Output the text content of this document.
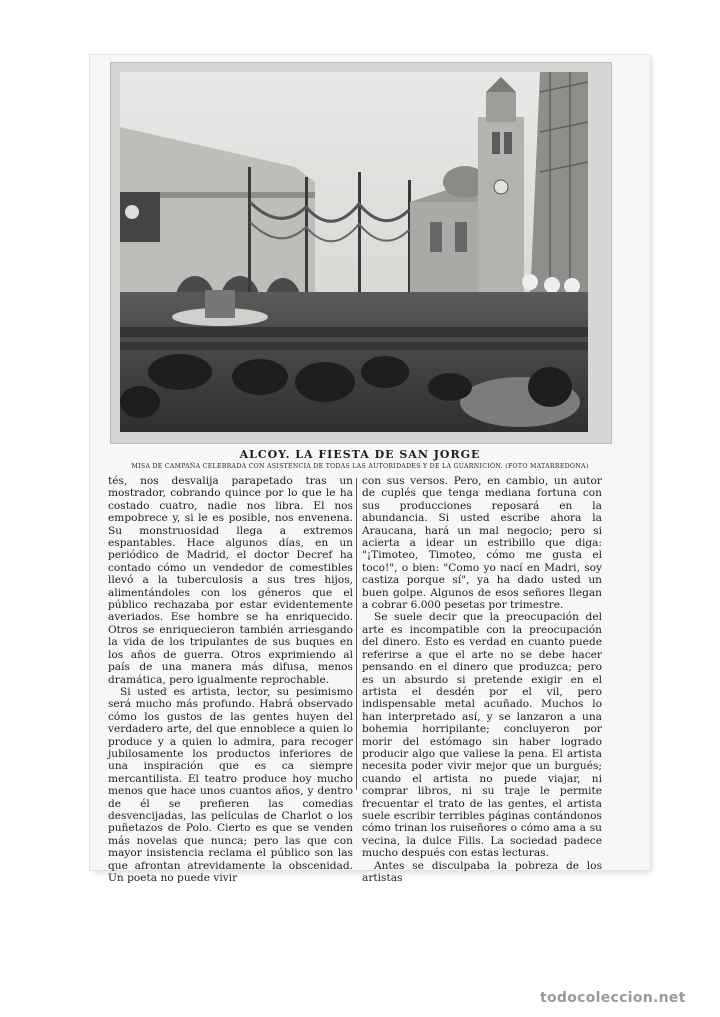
ALCOY. LA FIESTA DE SAN JORGE
MISA DE CAMPAÑA CELEBRADA CON ASISTENCIA DE TODAS LAS AUTORIDADES Y DE LA GUARNICIÓN. (FOTO MATARREDONA)

tés, nos desvalija parapetado tras un mostrador, cobrando quince por lo que le ha costado cuatro, nadie nos libra. El nos empobrece y, si le es posible, nos envenena. Su monstruosidad llega a extremos espantables. Hace algunos días, en un periódico de Madrid, el doctor Decref ha contado cómo un vendedor de comestibles llevó a la tuberculosis a sus tres hijos, alimentándoles con los géneros que el público rechazaba por estar evidentemente averiados. Ese hombre se ha enriquecido. Otros se enriquecieron también arriesgando la vida de los tripulantes de sus buques en los años de guerra. Otros exprimiendo al país de una manera más difusa, menos dramática, pero igualmente reprochable.

Si usted es artista, lector, su pesimismo será mucho más profundo. Habrá observado cómo los gustos de las gentes huyen del verdadero arte, del que ennoblece a quien lo produce y a quien lo admira, para recoger jubilosamente los productos inferiores de una inspiración que es ca siempre mercantilista. El teatro produce hoy mucho menos que hace unos cuantos años, y dentro de él se prefieren las comedias desvencijadas, las películas de Charlot o los puñetazos de Polo. Cierto es que se venden más novelas que nunca; pero las que con mayor insistencia reclama el público son las que afrontan atrevidamente la obscenidad. Un poeta no puede vivir

con sus versos. Pero, en cambio, un autor de cuplés que tenga mediana fortuna con sus producciones reposará en la abundancia. Si usted escribe ahora la Araucana, hará un mal negocio; pero si acierta a idear un estribillo que diga: "¡Timoteo, Timoteo, cómo me gusta el toco!", o bien: "Como yo nací en Madri, soy castiza porque sí", ya ha dado usted un buen golpe. Algunos de esos señores llegan a cobrar 6.000 pesetas por trimestre.

Se suele decir que la preocupación del arte es incompatible con la preocupación del dinero. Esto es verdad en cuanto puede referirse a que el arte no se debe hacer pensando en el dinero que produzca; pero es un absurdo si pretende exigir en el artista el desdén por el vil, pero indispensable metal acuñado. Muchos lo han interpretado así, y se lanzaron a una bohemia horripilante; concluyeron por morir del estómago sin haber logrado producir algo que valiese la pena. El artista necesita poder vivir mejor que un burgués; cuando el artista no puede viajar, ni comprar libros, ni su traje le permite frecuentar el trato de las gentes, el artista suele escribir terribles páginas contándonos cómo trinan los ruiseñores o cómo ama a su vecina, la dulce Filis. La sociedad padece mucho después con estas lecturas.

Antes se disculpaba la pobreza de los artistas

todocoleccion.net
